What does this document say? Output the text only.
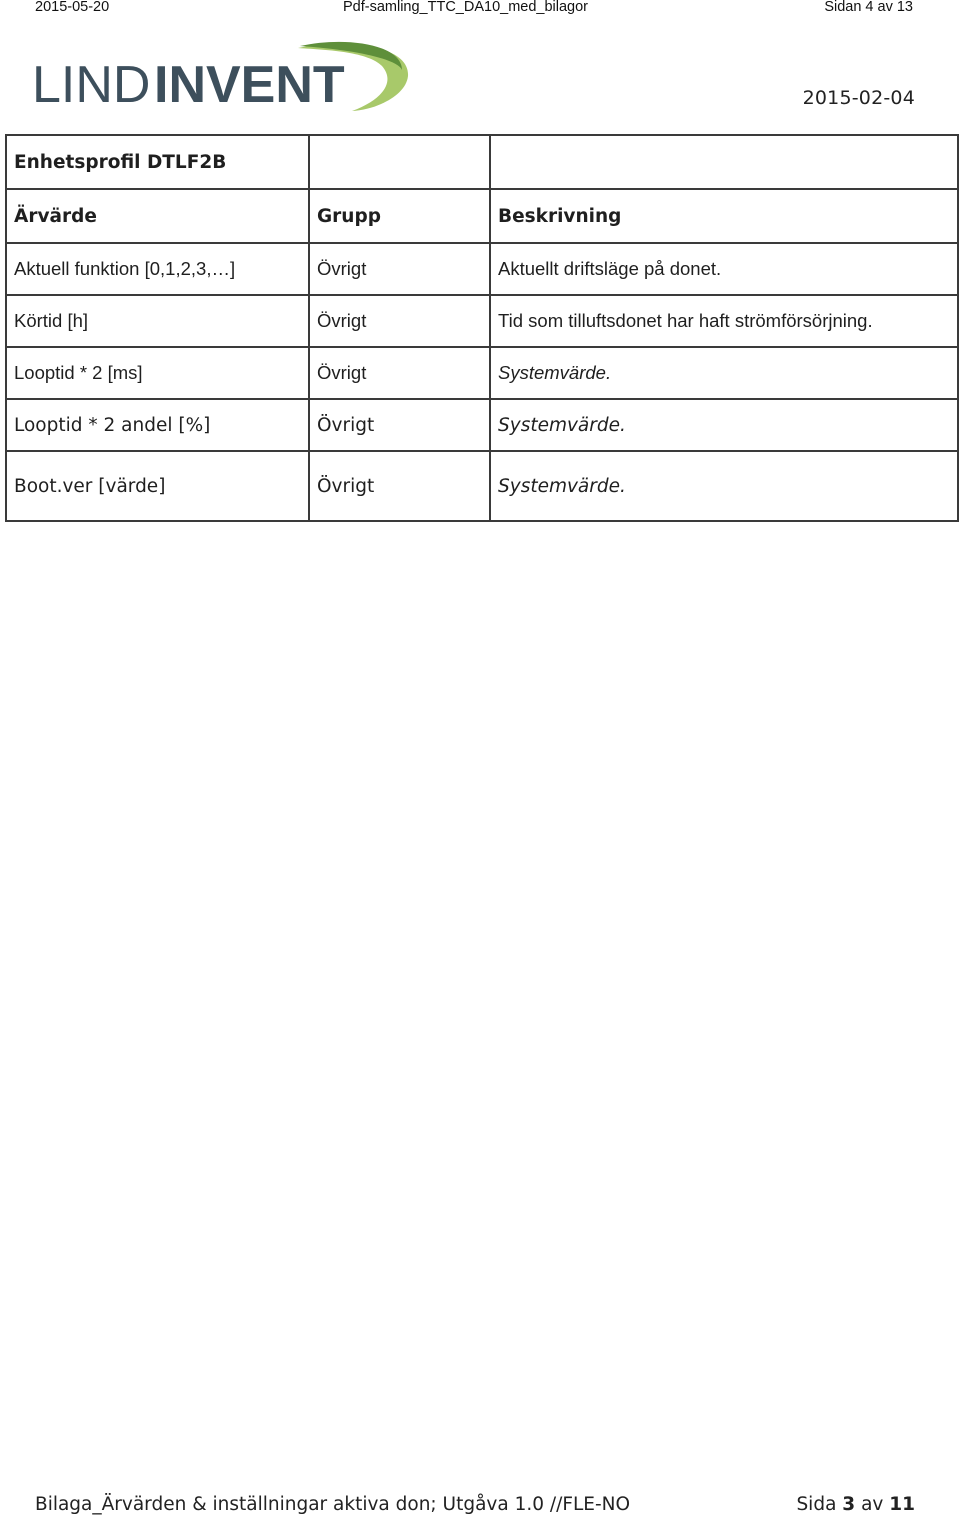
2015-05-20	Pdf-samling_TTC_DA10_med_bilagor	Sidan 4 av 13
LIND INVENT	2015-02-04
Enhetsprofil DTLF2B		
Ärvärde	Grupp	Beskrivning
Aktuell funktion [0,1,2,3,…]	Övrigt	Aktuellt driftsläge på donet.
Körtid [h]	Övrigt	Tid som tilluftsdonet har haft strömförsörjning.
Looptid * 2 [ms]	Övrigt	Systemvärde.
Looptid * 2 andel [%]	Övrigt	Systemvärde.
Boot.ver [värde]	Övrigt	Systemvärde.
Bilaga_Ärvärden & inställningar aktiva don; Utgåva 1.0 //FLE-NO	Sida 3 av 11
